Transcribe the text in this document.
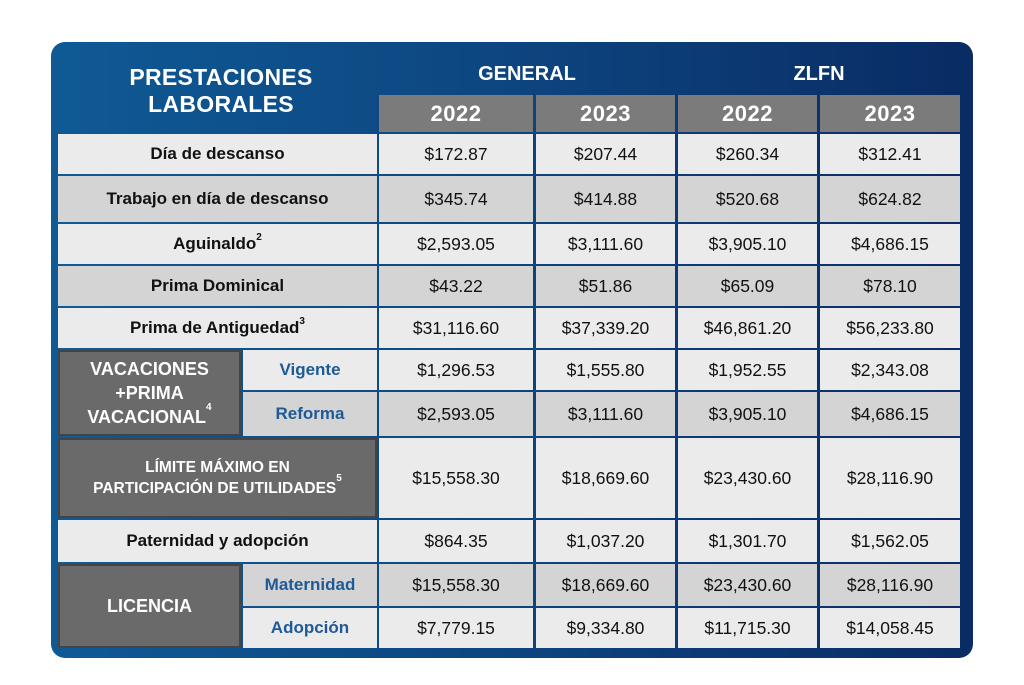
PRESTACIONES
LABORALES
GENERAL	ZLFN
2022	2023	2022	2023
Día de descanso	$172.87	$207.44	$260.34	$312.41
Trabajo en día de descanso	$345.74	$414.88	$520.68	$624.82
Aguinaldo$^2$	$2,593.05	$3,111.60	$3,905.10	$4,686.15
Prima Dominical	$43.22	$51.86	$65.09	$78.10
Prima de Antiguedad$^3$	$31,116.60	$37,339.20	$46,861.20	$56,233.80
VACACIONES
+PRIMA
VACACIONAL$^4$
Vigente	$1,296.53	$1,555.80	$1,952.55	$2,343.08
Reforma	$2,593.05	$3,111.60	$3,905.10	$4,686.15
LÍMITE MÁXIMO EN
PARTICIPACIÓN DE UTILIDADES$^5$	$15,558.30	$18,669.60	$23,430.60	$28,116.90
Paternidad y adopción	$864.35	$1,037.20	$1,301.70	$1,562.05
LICENCIA
Maternidad	$15,558.30	$18,669.60	$23,430.60	$28,116.90
Adopción	$7,779.15	$9,334.80	$11,715.30	$14,058.45
